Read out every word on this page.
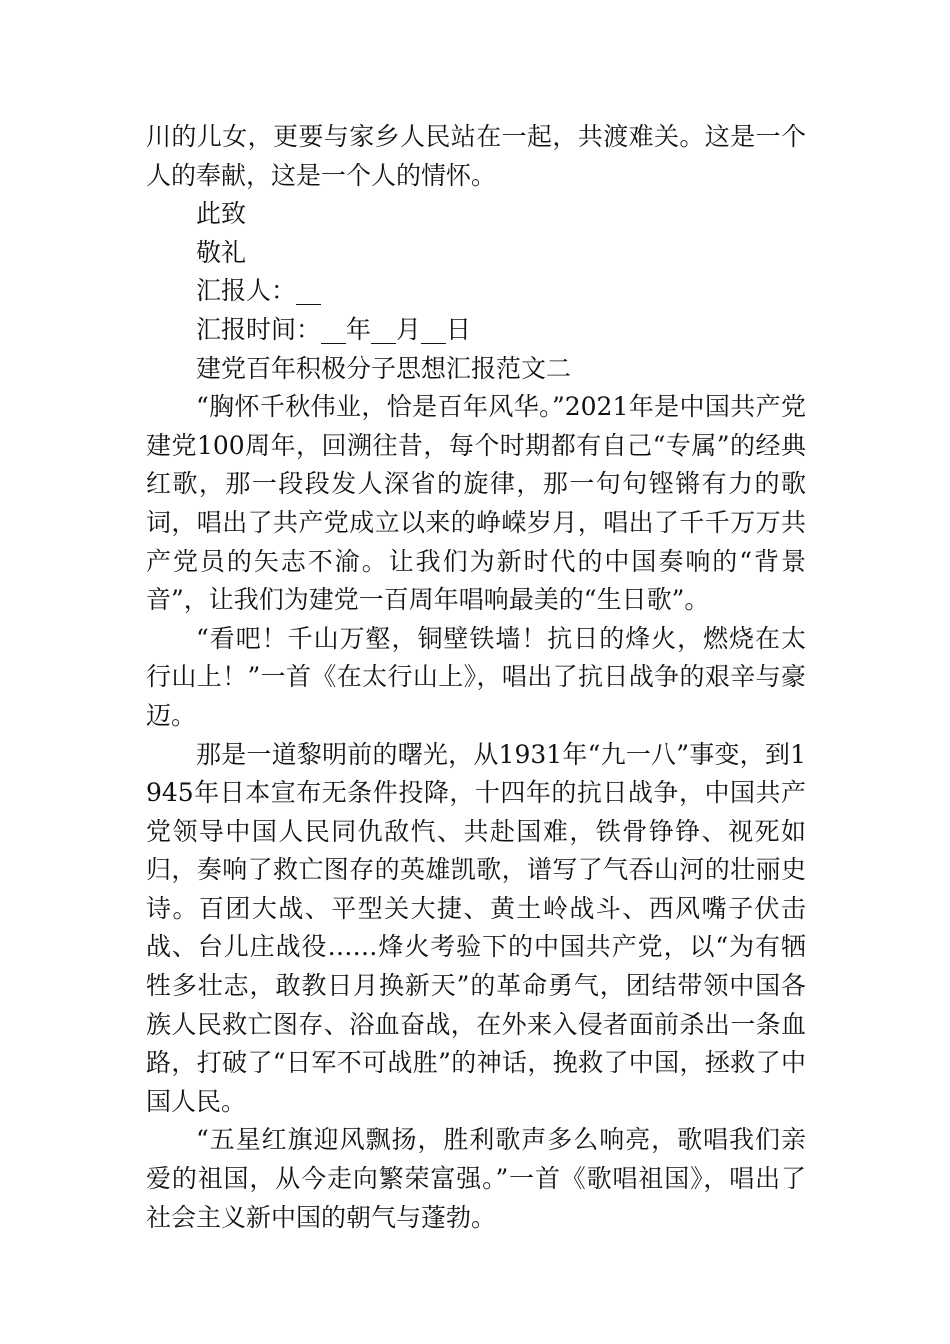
川的儿女，更要与家乡人民站在一起，共渡难关。这是一个人的奉献，这是一个人的情怀。

此致

敬礼

汇报人：__

汇报时间：__年__月__日

建党百年积极分子思想汇报范文二

“胸怀千秋伟业，恰是百年风华。”2021年是中国共产党建党100周年，回溯往昔，每个时期都有自己“专属”的经典红歌，那一段段发人深省的旋律，那一句句铿锵有力的歌词，唱出了共产党成立以来的峥嵘岁月，唱出了千千万万共产党员的矢志不渝。让我们为新时代的中国奏响的“背景音”，让我们为建党一百周年唱响最美的“生日歌”。

“看吧！千山万壑，铜壁铁墙！抗日的烽火，燃烧在太行山上！”一首《在太行山上》，唱出了抗日战争的艰辛与豪迈。

那是一道黎明前的曙光，从1931年“九一八”事变，到1945年日本宣布无条件投降，十四年的抗日战争，中国共产党领导中国人民同仇敌忾、共赴国难，铁骨铮铮、视死如归，奏响了救亡图存的英雄凯歌，谱写了气吞山河的壮丽史诗。百团大战、平型关大捷、黄土岭战斗、西风嘴子伏击战、台儿庄战役……烽火考验下的中国共产党，以“为有牺牲多壮志，敢教日月换新天”的革命勇气，团结带领中国各族人民救亡图存、浴血奋战，在外来入侵者面前杀出一条血路，打破了“日军不可战胜”的神话，挽救了中国，拯救了中国人民。

“五星红旗迎风飘扬，胜利歌声多么响亮，歌唱我们亲爱的祖国，从今走向繁荣富强。”一首《歌唱祖国》，唱出了社会主义新中国的朝气与蓬勃。
